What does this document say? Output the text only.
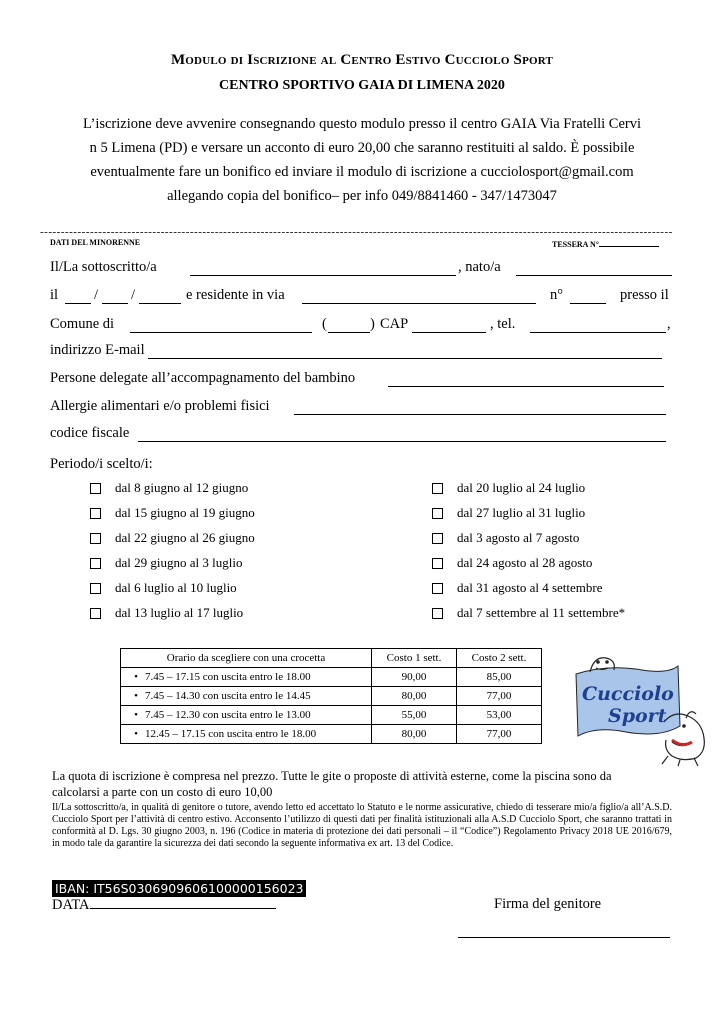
Modulo di Iscrizione al Centro Estivo Cucciolo Sport
CENTRO SPORTIVO GAIA DI LIMENA 2020
L’iscrizione deve avvenire consegnando questo modulo presso il centro GAIA Via Fratelli Cervi
n 5 Limena (PD) e versare un acconto di euro 20,00 che saranno restituiti al saldo. È possibile
eventualmente fare un bonifico ed inviare il modulo di iscrizione a cucciolosport@gmail.com
allegando copia del bonifico– per info 049/8841460 - 347/1473047
--------------------------------------------------------------------------------------------------------------------------------------------------------
DATI DEL MINORENNE	TESSERA N°
Il/La sottoscritto/a	, nato/a
il / /	e residente in via	n°	presso il
Comune di	(	) CAP	, tel.	,
indirizzo E-mail
Persone delegate all’accompagnamento del bambino
Allergie alimentari e/o problemi fisici
codice fiscale
Periodo/i scelto/i:
dal 8 giugno al 12 giugno
dal 15 giugno al 19 giugno
dal 22 giugno al 26 giugno
dal 29 giugno al 3 luglio
dal 6 luglio al 10 luglio
dal 13 luglio al 17 luglio
dal 20 luglio al 24 luglio
dal 27 luglio al 31 luglio
dal 3 agosto al 7 agosto
dal 24 agosto al 28 agosto
dal 31 agosto al 4 settembre
dal 7 settembre al 11 settembre*
Orario da scegliere con una crocetta	Costo 1 sett.	Costo 2 sett.
• 7.45 – 17.15 con uscita entro le 18.00	90,00	85,00
• 7.45 – 14.30 con uscita entro le 14.45	80,00	77,00
• 7.45 – 12.30 con uscita entro le 13.00	55,00	53,00
• 12.45 – 17.15 con uscita entro le 18.00	80,00	77,00
Cucciolo
Sport
La quota di iscrizione è compresa nel prezzo. Tutte le gite o proposte di attività esterne, come la piscina sono da
calcolarsi a parte con un costo di euro 10,00
Il/La sottoscritto/a, in qualità di genitore o tutore, avendo letto ed accettato lo Statuto e le norme assicurative, chiedo di tesserare mio/a figlio/a all’A.S.D. Cucciolo Sport per l’attività di centro estivo. Acconsento l’utilizzo di questi dati per finalità istituzionali alla A.S.D Cucciolo Sport, che saranno trattati in conformità al D. Lgs. 30 giugno 2003, n. 196 (Codice in materia di protezione dei dati personali – il “Codice”) Regolamento Privacy 2018 UE 2016/679, in modo tale da garantire la sicurezza dei dati secondo la seguente informativa ex art. 13 del Codice.
IBAN: IT56S0306909606100000156023
DATA	Firma del genitore
